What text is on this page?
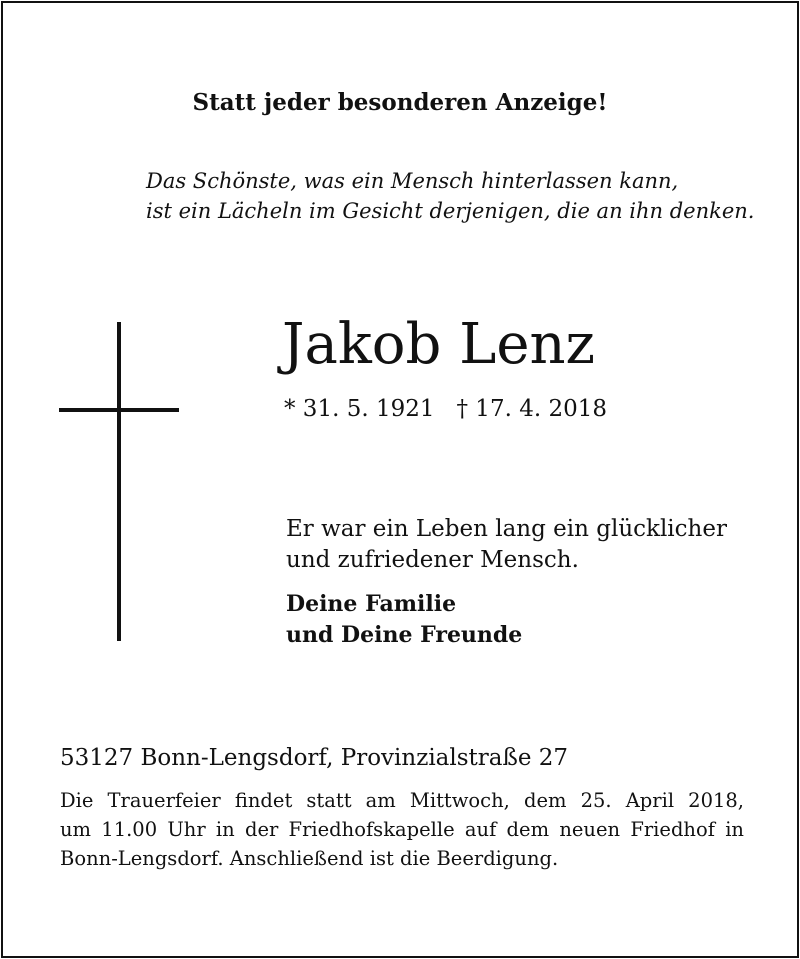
Statt jeder besonderen Anzeige!
Das Schönste, was ein Mensch hinterlassen kann,
ist ein Lächeln im Gesicht derjenigen, die an ihn denken.
Jakob Lenz
* 31. 5. 1921 † 17. 4. 2018
Er war ein Leben lang ein glücklicher
und zufriedener Mensch.
Deine Familie
und Deine Freunde
53127 Bonn-Lengsdorf, Provinzialstraße 27
Die Trauerfeier findet statt am Mittwoch, dem 25. April 2018,
um 11.00 Uhr in der Friedhofskapelle auf dem neuen Friedhof in
Bonn-Lengsdorf. Anschließend ist die Beerdigung.
